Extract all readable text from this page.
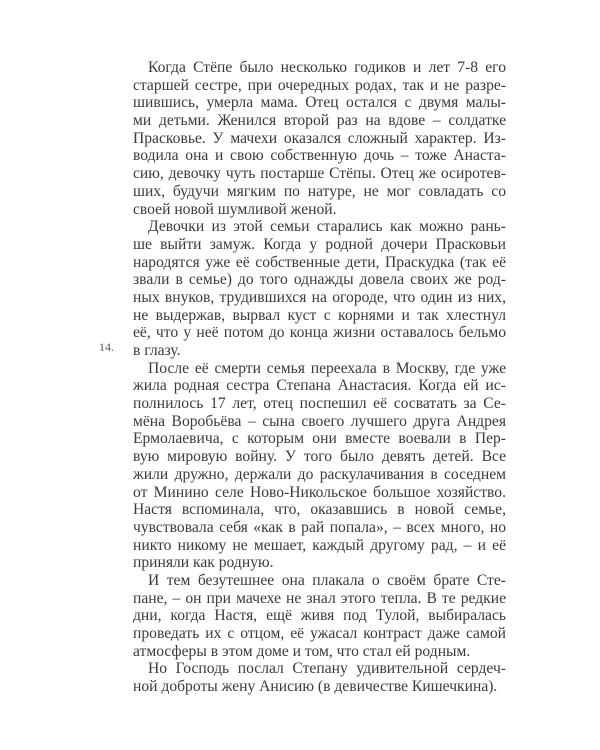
14.
Когда Стёпе было несколько годиков и лет 7-8 его
старшей сестре, при очередных родах, так и не разре-
шившись, умерла мама. Отец остался с двумя малы-
ми детьми. Женился второй раз на вдове – солдатке
Прасковье. У мачехи оказался сложный характер. Из-
водила она и свою собственную дочь – тоже Анаста-
сию, девочку чуть постарше Стёпы. Отец же осиротев-
ших, будучи мягким по натуре, не мог совладать со
своей новой шумливой женой.
Девочки из этой семьи старались как можно рань-
ше выйти замуж. Когда у родной дочери Прасковьи
народятся уже её собственные дети, Праскудка (так её
звали в семье) до того однажды довела своих же род-
ных внуков, трудившихся на огороде, что один из них,
не выдержав, вырвал куст с корнями и так хлестнул
её, что у неё потом до конца жизни оставалось бельмо
в глазу.
После её смерти семья переехала в Москву, где уже
жила родная сестра Степана Анастасия. Когда ей ис-
полнилось 17 лет, отец поспешил её сосватать за Се-
мёна Воробьёва – сына своего лучшего друга Андрея
Ермолаевича, с которым они вместе воевали в Пер-
вую мировую войну. У того было девять детей. Все
жили дружно, держали до раскулачивания в соседнем
от Минино селе Ново-Никольское большое хозяйство.
Настя вспоминала, что, оказавшись в новой семье,
чувствовала себя «как в рай попала», – всех много, но
никто никому не мешает, каждый другому рад, – и её
приняли как родную.
И тем безутешнее она плакала о своём брате Сте-
пане, – он при мачехе не знал этого тепла. В те редкие
дни, когда Настя, ещё живя под Тулой, выбиралась
проведать их с отцом, её ужасал контраст даже самой
атмосферы в этом доме и том, что стал ей родным.
Но Господь послал Степану удивительной сердеч-
ной доброты жену Анисию (в девичестве Кишечкина).
